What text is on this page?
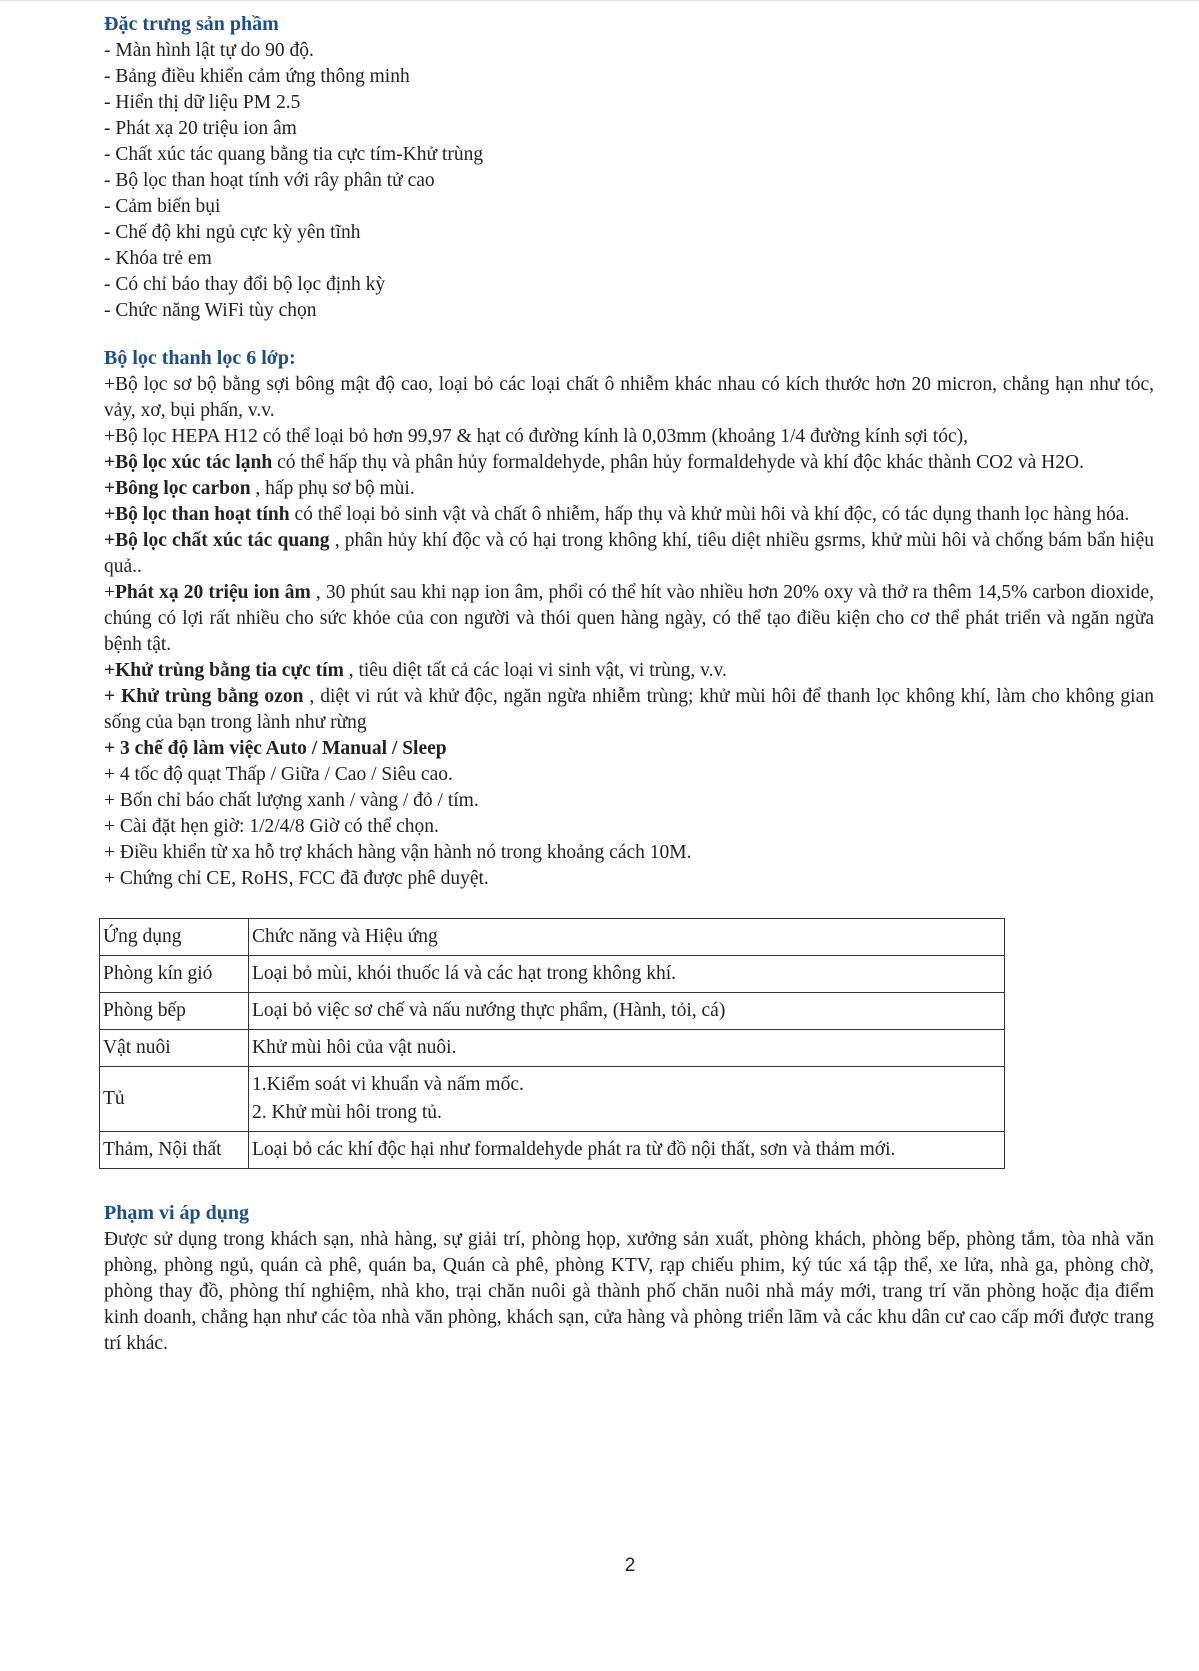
Đặc trưng sản phầm
- Màn hình lật tự do 90 độ.
- Bảng điều khiển cảm ứng thông minh
- Hiển thị dữ liệu PM 2.5
- Phát xạ 20 triệu ion âm
- Chất xúc tác quang bằng tia cực tím-Khử trùng
- Bộ lọc than hoạt tính với rây phân tử cao
- Cảm biến bụi
- Chế độ khi ngủ cực kỳ yên tĩnh
- Khóa trẻ em
- Có chỉ báo thay đổi bộ lọc định kỳ
- Chức năng WiFi tùy chọn
Bộ lọc thanh lọc 6 lớp:

+Bộ lọc sơ bộ bằng sợi bông mật độ cao, loại bỏ các loại chất ô nhiễm khác nhau có kích thước hơn 20 micron, chẳng hạn như tóc, vảy, xơ, bụi phấn, v.v.

+Bộ lọc HEPA H12 có thể loại bỏ hơn 99,97 & hạt có đường kính là 0,03mm (khoảng 1/4 đường kính sợi tóc),

+Bộ lọc xúc tác lạnh có thể hấp thụ và phân hủy formaldehyde, phân hủy formaldehyde và khí độc khác thành CO2 và H2O.

+Bông lọc carbon , hấp phụ sơ bộ mùi.

+Bộ lọc than hoạt tính có thể loại bỏ sinh vật và chất ô nhiễm, hấp thụ và khử mùi hôi và khí độc, có tác dụng thanh lọc hàng hóa.

+Bộ lọc chất xúc tác quang , phân hủy khí độc và có hại trong không khí, tiêu diệt nhiều gsrms, khử mùi hôi và chống bám bẩn hiệu quả..

+Phát xạ 20 triệu ion âm , 30 phút sau khi nạp ion âm, phổi có thể hít vào nhiều hơn 20% oxy và thở ra thêm 14,5% carbon dioxide, chúng có lợi rất nhiều cho sức khỏe của con người và thói quen hàng ngày, có thể tạo điều kiện cho cơ thể phát triển và ngăn ngừa bệnh tật.

+Khử trùng bằng tia cực tím , tiêu diệt tất cả các loại vi sinh vật, vi trùng, v.v.

+ Khử trùng bằng ozon , diệt vi rút và khử độc, ngăn ngừa nhiễm trùng; khử mùi hôi để thanh lọc không khí, làm cho không gian sống của bạn trong lành như rừng

+ 3 chế độ làm việc Auto / Manual / Sleep

+ 4 tốc độ quạt Thấp / Giữa / Cao / Siêu cao.

+ Bốn chỉ báo chất lượng xanh / vàng / đỏ / tím.

+ Cài đặt hẹn giờ: 1/2/4/8 Giờ có thể chọn.

+ Điều khiển từ xa hỗ trợ khách hàng vận hành nó trong khoảng cách 10M.

+ Chứng chỉ CE, RoHS, FCC đã được phê duyệt.

Ứng dụng	Chức năng và Hiệu ứng
Phòng kín gió	Loại bỏ mùi, khói thuốc lá và các hạt trong không khí.
Phòng bếp	Loại bỏ việc sơ chế và nấu nướng thực phẩm, (Hành, tỏi, cá)
Vật nuôi	Khử mùi hôi của vật nuôi.
Tủ	1.Kiểm soát vi khuẩn và nấm mốc.
2. Khử mùi hôi trong tủ.

Thảm, Nội thất	Loại bỏ các khí độc hại như formaldehyde phát ra từ đồ nội thất, sơn và thảm mới.
Phạm vi áp dụng

Được sử dụng trong khách sạn, nhà hàng, sự giải trí, phòng họp, xưởng sản xuất, phòng khách, phòng bếp, phòng tắm, tòa nhà văn phòng, phòng ngủ, quán cà phê, quán ba, Quán cà phê, phòng KTV, rạp chiếu phim, ký túc xá tập thể, xe lửa, nhà ga, phòng chờ, phòng thay đồ, phòng thí nghiệm, nhà kho, trại chăn nuôi gà thành phố chăn nuôi nhà máy mới, trang trí văn phòng hoặc địa điểm kinh doanh, chẳng hạn như các tòa nhà văn phòng, khách sạn, cửa hàng và phòng triển lãm và các khu dân cư cao cấp mới được trang trí khác.

2
